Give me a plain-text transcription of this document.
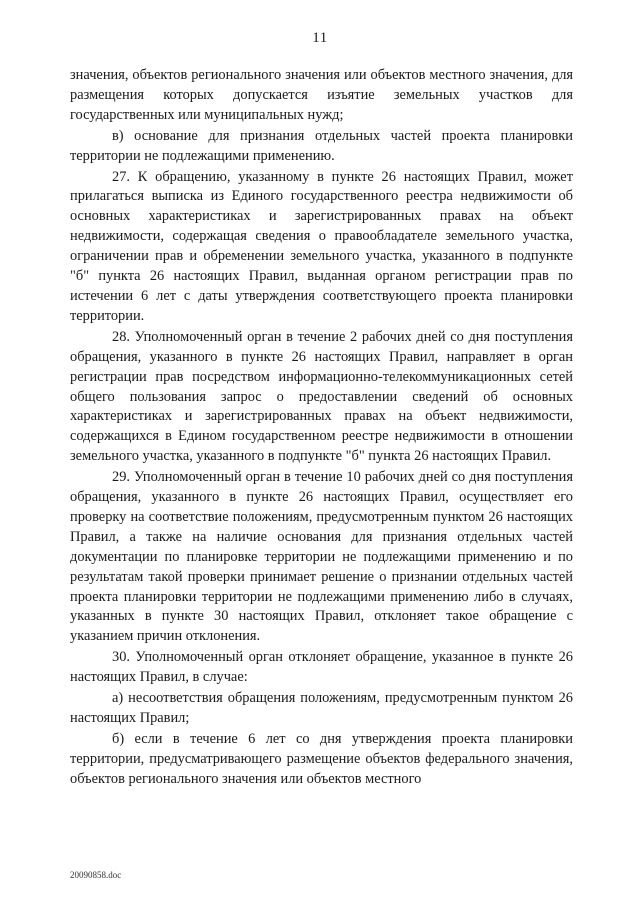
11

значения, объектов регионального значения или объектов местного значения, для размещения которых допускается изъятие земельных участков для государственных или муниципальных нужд;

в) основание для признания отдельных частей проекта планировки территории не подлежащими применению.

27. К обращению, указанному в пункте 26 настоящих Правил, может прилагаться выписка из Единого государственного реестра недвижимости об основных характеристиках и зарегистрированных правах на объект недвижимости, содержащая сведения о правообладателе земельного участка, ограничении прав и обременении земельного участка, указанного в подпункте "б" пункта 26 настоящих Правил, выданная органом регистрации прав по истечении 6 лет с даты утверждения соответствующего проекта планировки территории.

28. Уполномоченный орган в течение 2 рабочих дней со дня поступления обращения, указанного в пункте 26 настоящих Правил, направляет в орган регистрации прав посредством информационно-телекоммуникационных сетей общего пользования запрос о предоставлении сведений об основных характеристиках и зарегистрированных правах на объект недвижимости, содержащихся в Едином государственном реестре недвижимости в отношении земельного участка, указанного в подпункте "б" пункта 26 настоящих Правил.

29. Уполномоченный орган в течение 10 рабочих дней со дня поступления обращения, указанного в пункте 26 настоящих Правил, осуществляет его проверку на соответствие положениям, предусмотренным пунктом 26 настоящих Правил, а также на наличие основания для признания отдельных частей документации по планировке территории не подлежащими применению и по результатам такой проверки принимает решение о признании отдельных частей проекта планировки территории не подлежащими применению либо в случаях, указанных в пункте 30 настоящих Правил, отклоняет такое обращение с указанием причин отклонения.

30. Уполномоченный орган отклоняет обращение, указанное в пункте 26 настоящих Правил, в случае:

а) несоответствия обращения положениям, предусмотренным пунктом 26 настоящих Правил;

б) если в течение 6 лет со дня утверждения проекта планировки территории, предусматривающего размещение объектов федерального значения, объектов регионального значения или объектов местного

20090858.doc
